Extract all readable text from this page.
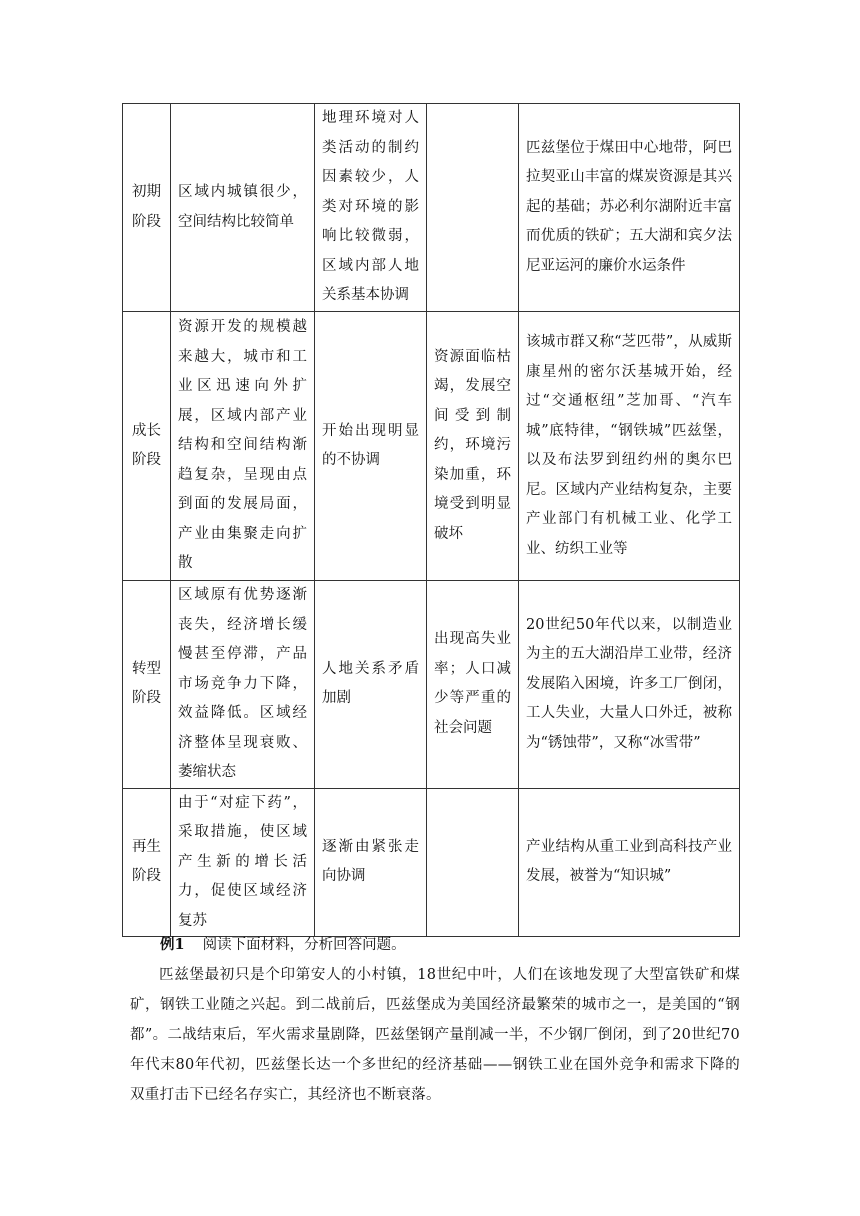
初期阶段	区域内城镇很少，空间结构比较简单	地理环境对人类活动的制约因素较少，人类对环境的影响比较微弱，区域内部人地关系基本协调		匹兹堡位于煤田中心地带，阿巴拉契亚山丰富的煤炭资源是其兴起的基础；苏必利尔湖附近丰富而优质的铁矿；五大湖和宾夕法尼亚运河的廉价水运条件
成长阶段	资源开发的规模越来越大，城市和工业区迅速向外扩展，区域内部产业结构和空间结构渐趋复杂，呈现由点到面的发展局面，产业由集聚走向扩散	开始出现明显的不协调	资源面临枯竭，发展空间受到制约，环境污染加重，环境受到明显破坏	该城市群又称“芝匹带”，从威斯康星州的密尔沃基城开始，经过“交通枢纽”芝加哥、“汽车城”底特律，“钢铁城”匹兹堡，以及布法罗到纽约州的奥尔巴尼。区域内产业结构复杂，主要产业部门有机械工业、化学工业、纺织工业等
转型阶段	区域原有优势逐渐丧失，经济增长缓慢甚至停滞，产品市场竞争力下降，效益降低。区域经济整体呈现衰败、萎缩状态	人地关系矛盾加剧	出现高失业率；人口减少等严重的社会问题	20世纪50年代以来，以制造业为主的五大湖沿岸工业带，经济发展陷入困境，许多工厂倒闭，工人失业，大量人口外迁，被称为“锈蚀带”，又称“冰雪带”
再生阶段	由于“对症下药”，采取措施，使区域产生新的增长活力，促使区域经济复苏	逐渐由紧张走向协调		产业结构从重工业到高科技产业发展，被誉为“知识城”

例1 阅读下面材料，分析回答问题。

匹兹堡最初只是个印第安人的小村镇，18世纪中叶，人们在该地发现了大型富铁矿和煤矿，钢铁工业随之兴起。到二战前后，匹兹堡成为美国经济最繁荣的城市之一，是美国的“钢都”。二战结束后，军火需求量剧降，匹兹堡钢产量削减一半，不少钢厂倒闭，到了20世纪70年代末80年代初，匹兹堡长达一个多世纪的经济基础——钢铁工业在国外竞争和需求下降的双重打击下已经名存实亡，其经济也不断衰落。
